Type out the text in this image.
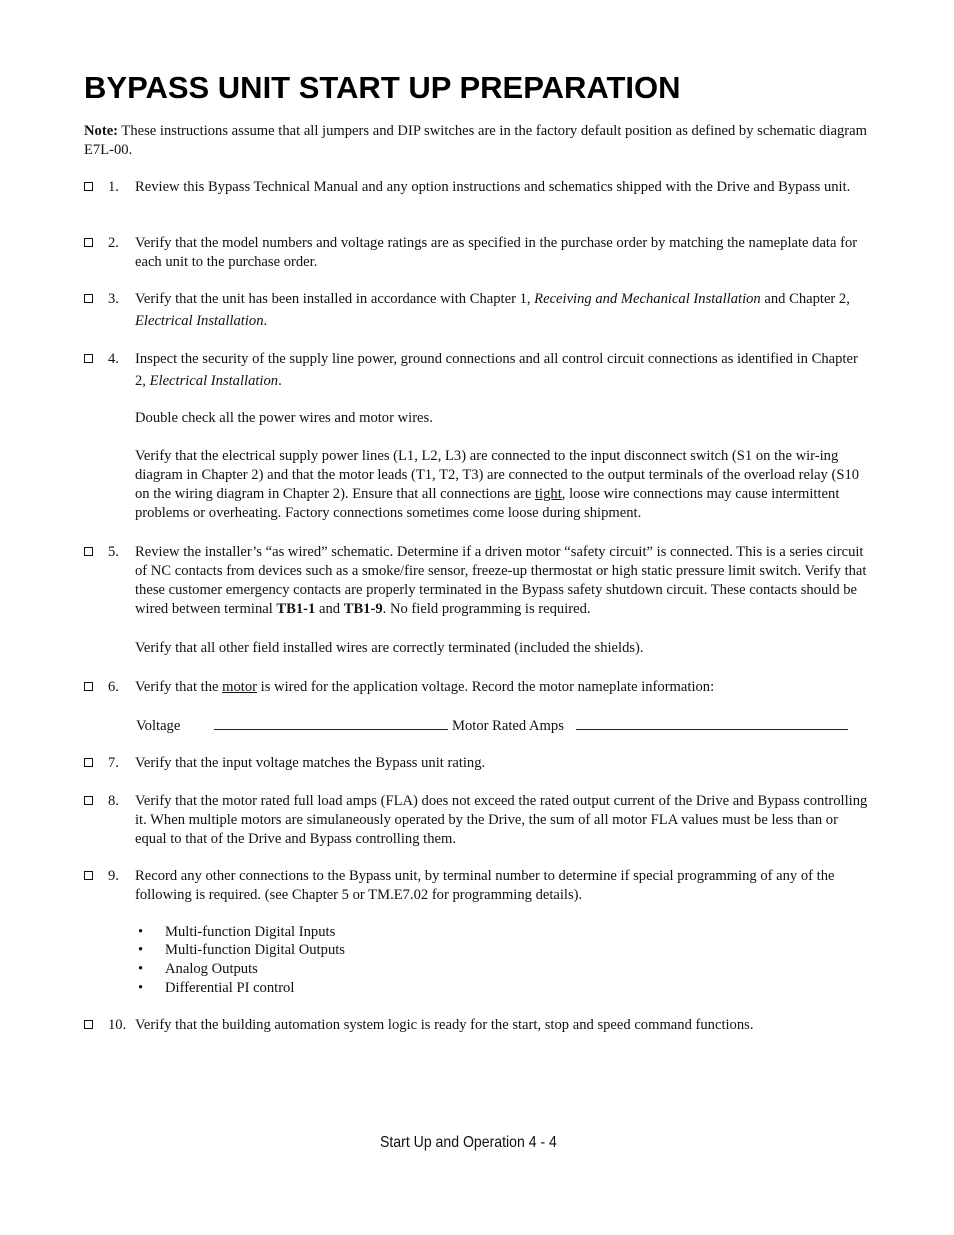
BYPASS UNIT START UP PREPARATION
Note: These instructions assume that all jumpers and DIP switches are in the factory default position as defined by schematic diagram E7L-00.
1. Review this Bypass Technical Manual and any option instructions and schematics shipped with the Drive and Bypass unit.
2. Verify that the model numbers and voltage ratings are as specified in the purchase order by matching the nameplate data for each unit to the purchase order.
3. Verify that the unit has been installed in accordance with Chapter 1, Receiving and Mechanical Installation and Chapter 2, Electrical Installation.
4. Inspect the security of the supply line power, ground connections and all control circuit connections as identified in Chapter 2, Electrical Installation.
Double check all the power wires and motor wires.
Verify that the electrical supply power lines (L1, L2, L3) are connected to the input disconnect switch (S1 on the wir-ing diagram in Chapter 2) and that the motor leads (T1, T2, T3) are connected to the output terminals of the overload relay (S10 on the wiring diagram in Chapter 2). Ensure that all connections are tight, loose wire connections may cause intermittent problems or overheating. Factory connections sometimes come loose during shipment.
5. Review the installer’s “as wired” schematic. Determine if a driven motor “safety circuit” is connected. This is a series circuit of NC contacts from devices such as a smoke/fire sensor, freeze-up thermostat or high static pressure limit switch. Verify that these customer emergency contacts are properly terminated in the Bypass safety shutdown circuit. These contacts should be wired between terminal TB1-1 and TB1-9. No field programming is required.
Verify that all other field installed wires are correctly terminated (included the shields).
6. Verify that the motor is wired for the application voltage. Record the motor nameplate information:
Voltage	Motor Rated Amps
7. Verify that the input voltage matches the Bypass unit rating.
8. Verify that the motor rated full load amps (FLA) does not exceed the rated output current of the Drive and Bypass controlling it. When multiple motors are simulaneously operated by the Drive, the sum of all motor FLA values must be less than or equal to that of the Drive and Bypass controlling them.
9. Record any other connections to the Bypass unit, by terminal number to determine if special programming of any of the following is required. (see Chapter 5 or TM.E7.02 for programming details).
• Multi-function Digital Inputs
• Multi-function Digital Outputs
• Analog Outputs
• Differential PI control
10. Verify that the building automation system logic is ready for the start, stop and speed command functions.
Start Up and Operation 4 - 4
